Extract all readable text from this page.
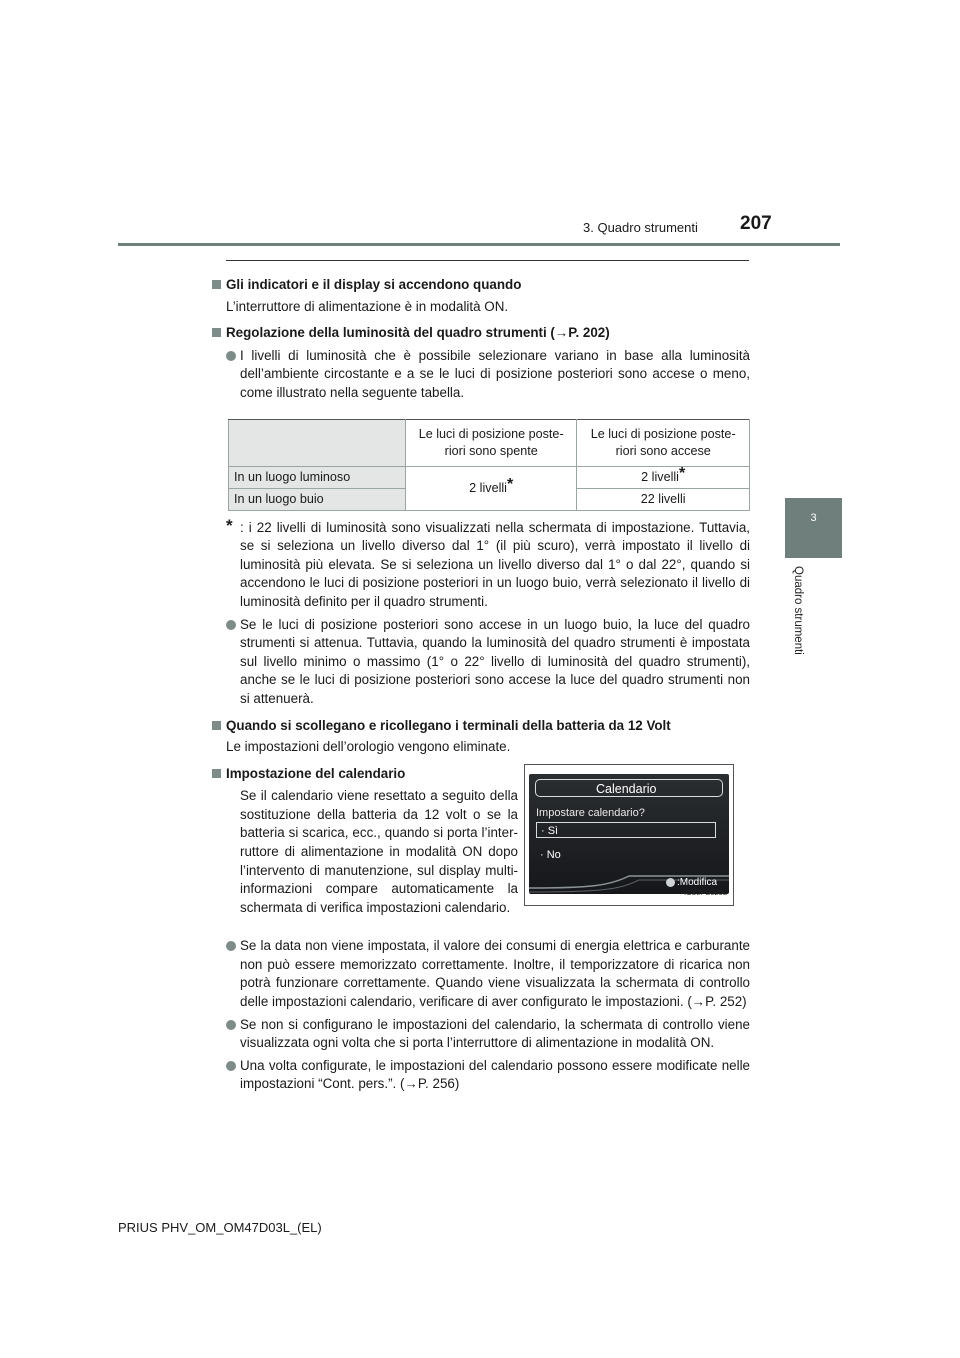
207
3. Quadro strumenti
3
Quadro strumenti
Gli indicatori e il display si accendono quando
L’interruttore di alimentazione è in modalità ON.
Regolazione della luminosità del quadro strumenti (→P. 202)
I livelli di luminosità che è possibile selezionare variano in base alla luminosità dell’ambiente circostante e a se le luci di posizione posteriori sono accese o meno, come illustrato nella seguente tabella.
	Le luci di posizione poste-riori sono spente	Le luci di posizione poste-riori sono accese
In un luogo luminoso	2 livelli*	2 livelli*
In un luogo buio		22 livelli
* : i 22 livelli di luminosità sono visualizzati nella schermata di impostazione. Tuttavia, se si seleziona un livello diverso dal 1° (il più scuro), verrà impostato il livello di luminosità più elevata. Se si seleziona un livello diverso dal 1° o dal 22°, quando si accendono le luci di posizione posteriori in un luogo buio, verrà selezionato il livello di luminosità definito per il quadro strumenti.
Se le luci di posizione posteriori sono accese in un luogo buio, la luce del quadro strumenti si attenua. Tuttavia, quando la luminosità del quadro strumenti è impostata sul livello minimo o massimo (1° o 22° livello di luminosità del quadro strumenti), anche se le luci di posizione posteriori sono accese la luce del quadro strumenti non si attenuerà.
Quando si scollegano e ricollegano i terminali della batteria da 12 Volt
Le impostazioni dell’orologio vengono eliminate.
Impostazione del calendario
Se il calendario viene resettato a seguito della sostituzione della batteria da 12 volt o se la batteria si scarica, ecc., quando si porta l’inter-ruttore di alimentazione in modalità ON dopo l’intervento di manutenzione, sul display multi-informazioni compare automaticamente la schermata di verifica impostazioni calendario.
Se la data non viene impostata, il valore dei consumi di energia elettrica e carburante non può essere memorizzato correttamente. Inoltre, il temporizzatore di ricarica non potrà funzionare correttamente. Quando viene visualizzata la schermata di controllo delle impostazioni calendario, verificare di aver configurato le impostazioni. (→P. 252)
Se non si configurano le impostazioni del calendario, la schermata di controllo viene visualizzata ogni volta che si porta l’interruttore di alimentazione in modalità ON.
Una volta configurate, le impostazioni del calendario possono essere modificate nelle impostazioni “Cont. pers.”. (→P. 256)
Calendario
Impostare calendario?
· Sì
· No
:Modifica
IO20PS020L
PRIUS PHV_OM_OM47D03L_(EL)
